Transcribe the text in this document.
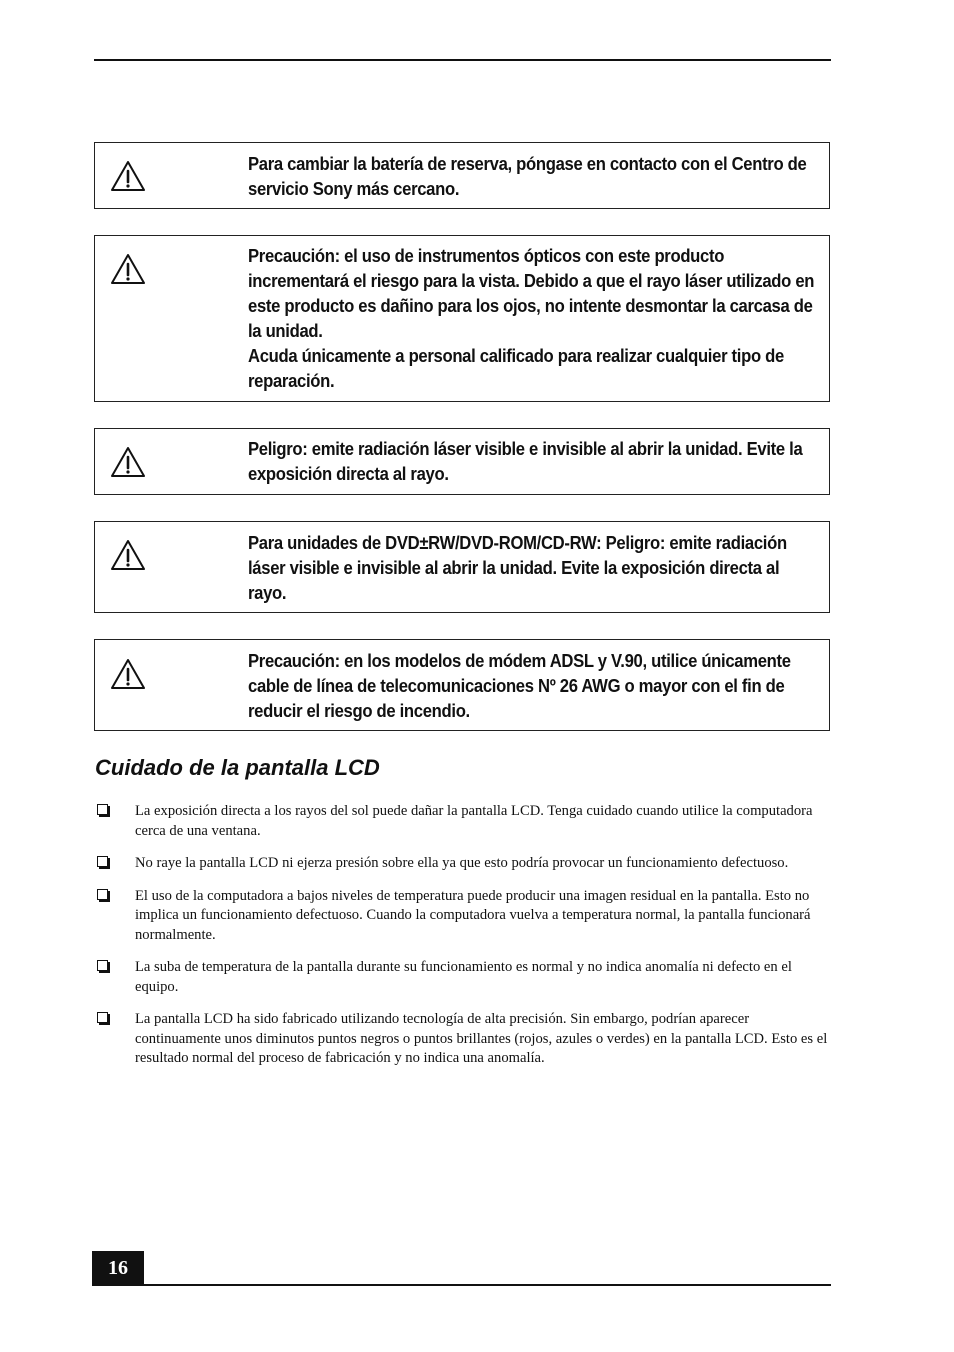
Para cambiar la batería de reserva, póngase en contacto con el Centro de servicio Sony más cercano.
Precaución: el uso de instrumentos ópticos con este producto incrementará el riesgo para la vista. Debido a que el rayo láser utilizado en este producto es dañino para los ojos, no intente desmontar la carcasa de la unidad.
Acuda únicamente a personal calificado para realizar cualquier tipo de reparación.
Peligro: emite radiación láser visible e invisible al abrir la unidad. Evite la exposición directa al rayo.
Para unidades de DVD±RW/DVD-ROM/CD-RW: Peligro: emite radiación láser visible e invisible al abrir la unidad. Evite la exposición directa al rayo.
Precaución: en los modelos de módem ADSL y V.90, utilice únicamente cable de línea de telecomunicaciones Nº 26 AWG o mayor con el fin de reducir el riesgo de incendio.
Cuidado de la pantalla LCD
La exposición directa a los rayos del sol puede dañar la pantalla LCD. Tenga cuidado cuando utilice la computadora cerca de una ventana.
No raye la pantalla LCD ni ejerza presión sobre ella ya que esto podría provocar un funcionamiento defectuoso.
El uso de la computadora a bajos niveles de temperatura puede producir una imagen residual en la pantalla. Esto no implica un funcionamiento defectuoso. Cuando la computadora vuelva a temperatura normal, la pantalla funcionará normalmente.
La suba de temperatura de la pantalla durante su funcionamiento es normal y no indica anomalía ni defecto en el equipo.
La pantalla LCD ha sido fabricado utilizando tecnología de alta precisión. Sin embargo, podrían aparecer continuamente unos diminutos puntos negros o puntos brillantes (rojos, azules o verdes) en la pantalla LCD. Esto es el resultado normal del proceso de fabricación y no indica una anomalía.
16
